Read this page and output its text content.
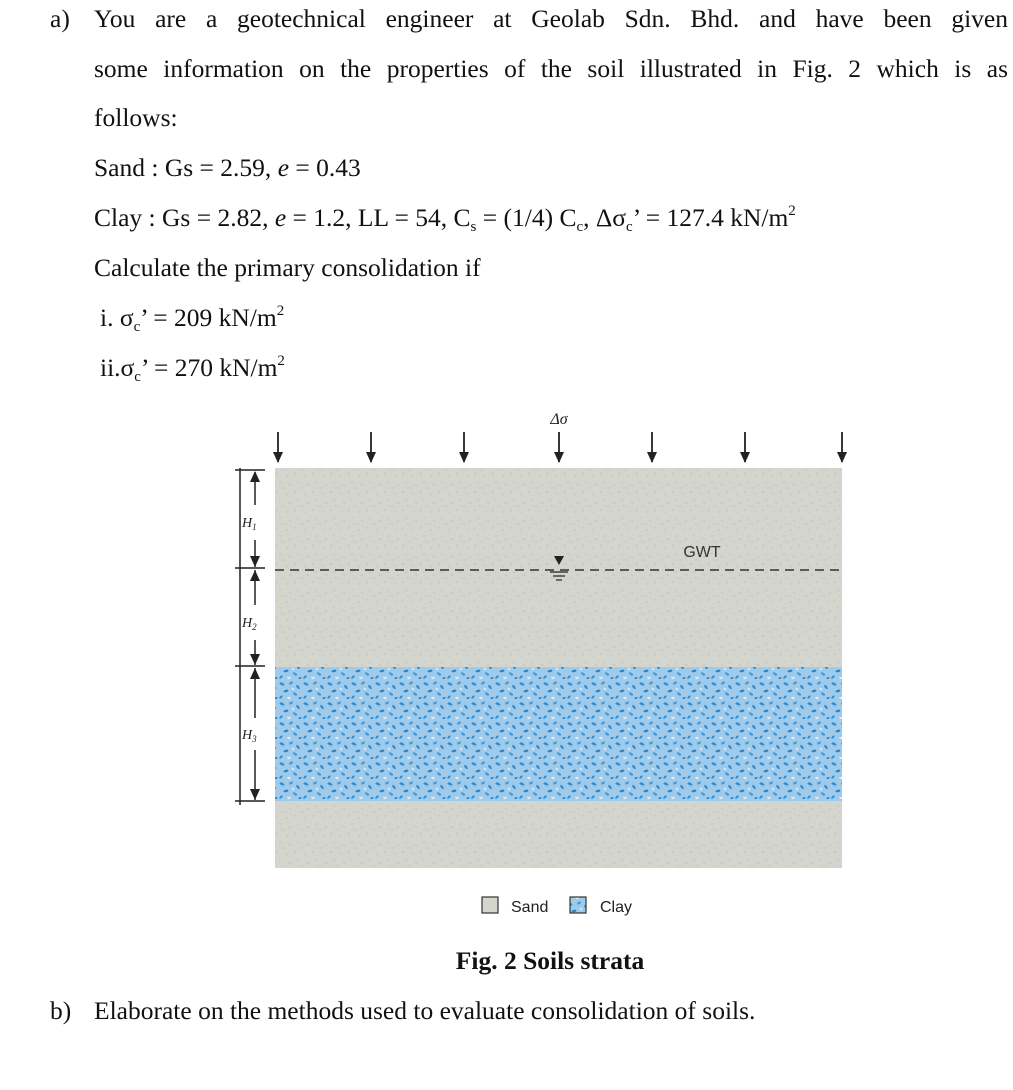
a) You are a geotechnical engineer at Geolab Sdn. Bhd. and have been given
some information on the properties of the soil illustrated in Fig. 2 which is as
follows:
Sand : Gs = 2.59, e = 0.43
Clay : Gs = 2.82, e = 1.2, LL = 54, $C_s = (1/4)$ $C_c$, $\Delta\sigma_c$’ = 127.4 $kN/m^2$
Calculate the primary consolidation if
i. $\sigma_c$’ = 209 $kN/m^2$
$ii.\sigma_c$’ = 270 $kN/m^2$
Δσ
$H_1$
$H_2$
$H_3$
GWT
Sand	Clay
Fig. 2 Soils strata
b) Elaborate on the methods used to evaluate consolidation of soils.
